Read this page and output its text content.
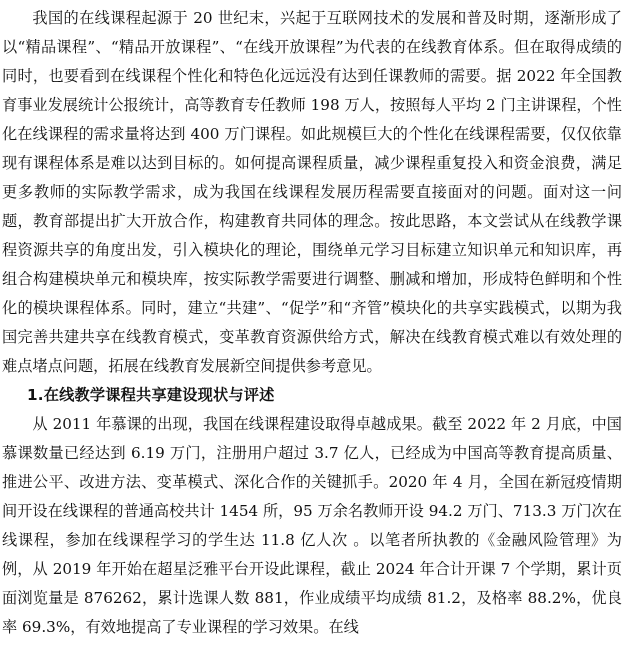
我国的在线课程起源于 20 世纪末，兴起于互联网技术的发展和普及时期，逐渐形成了以“精品课程”、“精品开放课程”、“在线开放课程”为代表的在线教育体系。但在取得成绩的同时，也要看到在线课程个性化和特色化远远没有达到任课教师的需要。据 2022 年全国教育事业发展统计公报统计，高等教育专任教师 198 万人，按照每人平均 2 门主讲课程，个性化在线课程的需求量将达到 400 万门课程。如此规模巨大的个性化在线课程需要，仅仅依靠现有课程体系是难以达到目标的。如何提高课程质量，减少课程重复投入和资金浪费，满足更多教师的实际教学需求，成为我国在线课程发展历程需要直接面对的问题。面对这一问题，教育部提出扩大开放合作，构建教育共同体的理念。按此思路，本文尝试从在线教学课程资源共享的角度出发，引入模块化的理论，围绕单元学习目标建立知识单元和知识库，再组合构建模块单元和模块库，按实际教学需要进行调整、删减和增加，形成特色鲜明和个性化的模块课程体系。同时，建立“共建”、“促学”和“齐管”模块化的共享实践模式，以期为我国完善共建共享在线教育模式，变革教育资源供给方式，解决在线教育模式难以有效处理的难点堵点问题，拓展在线教育发展新空间提供参考意见。

1.在线教学课程共享建设现状与评述

从 2011 年慕课的出现，我国在线课程建设取得卓越成果。截至 2022 年 2 月底，中国慕课数量已经达到 6.19 万门，注册用户超过 3.7 亿人，已经成为中国高等教育提高质量、推进公平、改进方法、变革模式、深化合作的关键抓手。2020 年 4 月，全国在新冠疫情期间开设在线课程的普通高校共计 1454 所，95 万余名教师开设 94.2 万门、713.3 万门次在线课程，参加在线课程学习的学生达 11.8 亿人次 。以笔者所执教的《金融风险管理》为例，从 2019 年开始在超星泛雅平台开设此课程，截止 2024 年合计开课 7 个学期，累计页面浏览量是 876262，累计选课人数 881，作业成绩平均成绩 81.2，及格率 88.2%，优良率 69.3%，有效地提高了专业课程的学习效果。在线
